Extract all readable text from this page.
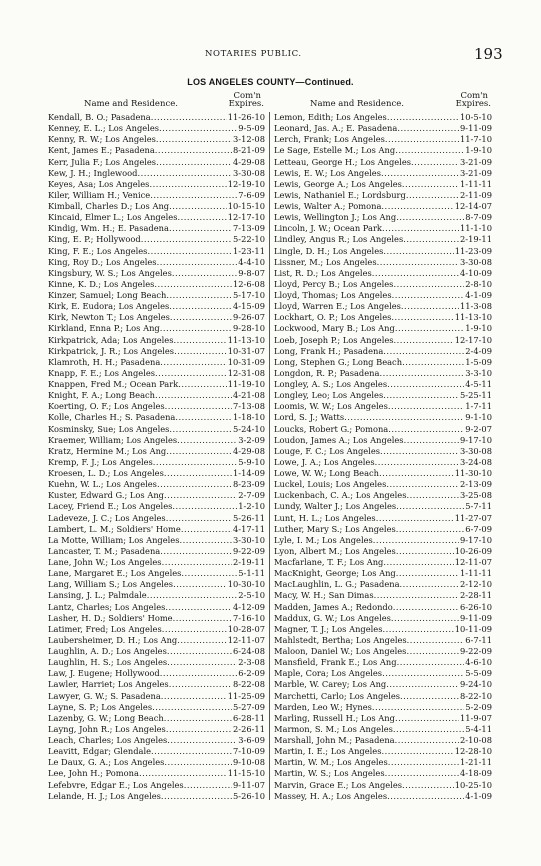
NOTARIES PUBLIC.	193
LOS ANGELES COUNTY—Continued.
Com'n
Name and Residence.	Expires.
Kendall, B. O.; Pasadena .....	11-26-10
Kenney, E. L.; Los Angeles .....	9-5-09
Kenny, R. W.; Los Angeles .....	3-12-08
Kent, James E.; Pasadena .....	8-21-09
Kerr, Julia F.; Los Angeles .....	4-29-08
Kew, J. H.; Inglewood .....	3-30-08
Keyes, Asa; Los Angeles .....	12-19-10
Kiler, William H.; Venice .....	7-6-09
Kimball, Charles D.; Los Ang .....	10-15-10
Kincaid, Elmer L.; Los Angeles .....	12-17-10
Kindig, Wm. H.; E. Pasadena .....	7-13-09
King, E. P.; Hollywood .....	5-22-10
King, F. E.; Los Angeles .....	1-23-11
King, Roy D.; Los Angeles .....	4-4-10
Kingsbury, W. S.; Los Angeles .....	9-8-07
Kinne, K. D.; Los Angeles .....	12-6-08
Kinzer, Samuel; Long Beach .....	5-17-10
Kirk, E. Eudora; Los Angeles .....	4-15-09
Kirk, Newton T.; Los Angeles .....	9-26-07
Kirkland, Enna P.; Los Ang .....	9-28-10
Kirkpatrick, Ada; Los Angeles .....	11-13-10
Kirkpatrick, J. R.; Los Angeles .....	10-31-07
Klamroth, H. H.; Pasadena .....	10-31-09
Knapp, F. E.; Los Angeles .....	12-31-08
Knappen, Fred M.; Ocean Park .....	11-19-10
Knight, F. A.; Long Beach .....	4-21-08
Koerting, O. F.; Los Angeles .....	7-13-08
Kolle, Charles H.; S. Pasadena .....	1-18-10
Kosminsky, Sue; Los Angeles .....	5-24-10
Kraemer, William; Los Angeles .....	3-2-09
Kratz, Hermine M.; Los Ang .....	4-29-08
Kremp, F. J.; Los Angeles .....	5-9-10
Kroesen, L. D.; Los Angeles .....	1-14-09
Kuehn, W. L.; Los Angeles .....	8-23-09
Kuster, Edward G.; Los Ang .....	2-7-09
Lacey, Friend E.; Los Angeles .....	1-2-10
Ladeveze, J. C.; Los Angeles .....	5-26-11
Lambert, L. M.; Soldiers' Home .....	4-17-11
La Motte, William; Los Angeles .....	3-30-10
Lancaster, T. M.; Pasadena .....	9-22-09
Lane, John W.; Los Angeles .....	2-19-11
Lane, Margaret E.; Los Angeles .....	5-1-11
Lang, William S.; Los Angeles .....	10-30-10
Lansing, J. L.; Palmdale .....	2-5-10
Lantz, Charles; Los Angeles .....	4-12-09
Lasher, H. D.; Soldiers' Home .....	7-16-10
Latimer, Fred; Los Angeles .....	10-28-07
Laubersheimer, D. H.; Los Ang .....	12-11-07
Laughlin, A. D.; Los Angeles .....	6-24-08
Laughlin, H. S.; Los Angeles .....	2-3-08
Law, J. Eugene; Hollywood .....	6-2-09
Lawler, Harriet; Los Angeles .....	8-22-08
Lawyer, G. W.; S. Pasadena .....	11-25-09
Layne, S. P.; Los Angeles .....	5-27-09
Lazenby, G. W.; Long Beach .....	6-28-11
Layng, John R.; Los Angeles .....	2-26-11
Leach, Charles; Los Angeles .....	3-6-09
Leavitt, Edgar; Glendale .....	7-10-09
Le Daux, G. A.; Los Angeles .....	9-10-08
Lee, John H.; Pomona .....	11-15-10
Lefebvre, Edgar E.; Los Angeles .....	9-11-07
Lelande, H. J.; Los Angeles .....	5-26-10
Com'n
Name and Residence.	Expires.
Lemon, Edith; Los Angeles .....	10-5-10
Leonard, Jas. A.; E. Pasadena .....	9-11-09
Lerch, Frank; Los Angeles .....	11-7-10
Le Sage, Estelle M.; Los Ang .....	1-9-10
Letteau, George H.; Los Angeles .....	3-21-09
Lewis, E. W.; Los Angeles .....	3-21-09
Lewis, George A.; Los Angeles .....	1-11-11
Lewis, Nathaniel E.; Lordsburg .....	2-11-09
Lewis, Walter A.; Pomona .....	12-14-07
Lewis, Wellington J.; Los Ang .....	8-7-09
Lincoln, J. W.; Ocean Park .....	11-1-10
Lindley, Angus R.; Los Angeles .....	2-19-11
Lingle, D. H.; Los Angeles .....	11-23-09
Lissner, M.; Los Angeles .....	3-30-08
List, R. D.; Los Angeles .....	4-10-09
Lloyd, Percy B.; Los Angeles .....	2-8-10
Lloyd, Thomas; Los Angeles .....	4-1-09
Lloyd, Warren E.; Los Angeles .....	11-3-08
Lockhart, O. P.; Los Angeles .....	11-13-10
Lockwood, Mary B.; Los Ang .....	1-9-10
Loeb, Joseph P.; Los Angeles .....	12-17-10
Long, Frank H.; Pasadena .....	2-4-09
Long, Stephen G.; Long Beach .....	1-5-09
Longdon, R. P.; Pasadena .....	3-3-10
Longley, A. S.; Los Angeles .....	4-5-11
Longley, Leo; Los Angeles .....	5-25-11
Loomis, W. W.; Los Angeles .....	1-7-11
Lord, S. J.; Watts .....	9-1-10
Loucks, Robert G.; Pomona .....	9-2-07
Loudon, James A.; Los Angeles .....	9-17-10
Louge, F. C.; Los Angeles .....	3-30-08
Lowe, J. A.; Los Angeles .....	3-24-08
Lowe, W. W.; Long Beach .....	11-30-10
Luckel, Louis; Los Angeles .....	2-13-09
Luckenbach, C. A.; Los Angeles .....	3-25-08
Lundy, Walter J.; Los Angeles .....	5-7-11
Lunt, H. L.; Los Angeles .....	11-27-07
Luther, Mary S.; Los Angeles .....	6-7-09
Lyle, I. M.; Los Angeles .....	9-17-10
Lyon, Albert M.; Los Angeles .....	10-26-09
Macfarlane, T. F.; Los Ang .....	12-11-07
MacKnight, George; Los Ang .....	1-11-11
MacLaughlin, L. G.; Pasadena .....	2-12-10
Macy, W. H.; San Dimas .....	2-28-11
Madden, James A.; Redondo .....	6-26-10
Maddux, G. W.; Los Angeles .....	9-11-09
Magner, T. J.; Los Angeles .....	10-11-09
Mahlstedt, Bertha; Los Angeles .....	6-7-11
Maloon, Daniel W.; Los Angeles .....	9-22-09
Mansfield, Frank E.; Los Ang .....	4-6-10
Maple, Cora; Los Angeles .....	5-5-09
Marble, W. Carey; Los Ang .....	9-24-10
Marchetti, Carlo; Los Angeles .....	8-22-10
Marden, Leo W.; Hynes .....	5-2-09
Marling, Russell H.; Los Ang .....	11-9-07
Marmon, S. M.; Los Angeles .....	5-4-11
Marshall, John M.; Pasadena .....	2-10-08
Martin, I. E.; Los Angeles .....	12-28-10
Martin, W. M.; Los Angeles .....	1-21-11
Martin, W. S.; Los Angeles .....	4-18-09
Marvin, Grace E.; Los Angeles .....	10-25-10
Massey, H. A.; Los Angeles .....	4-1-09
